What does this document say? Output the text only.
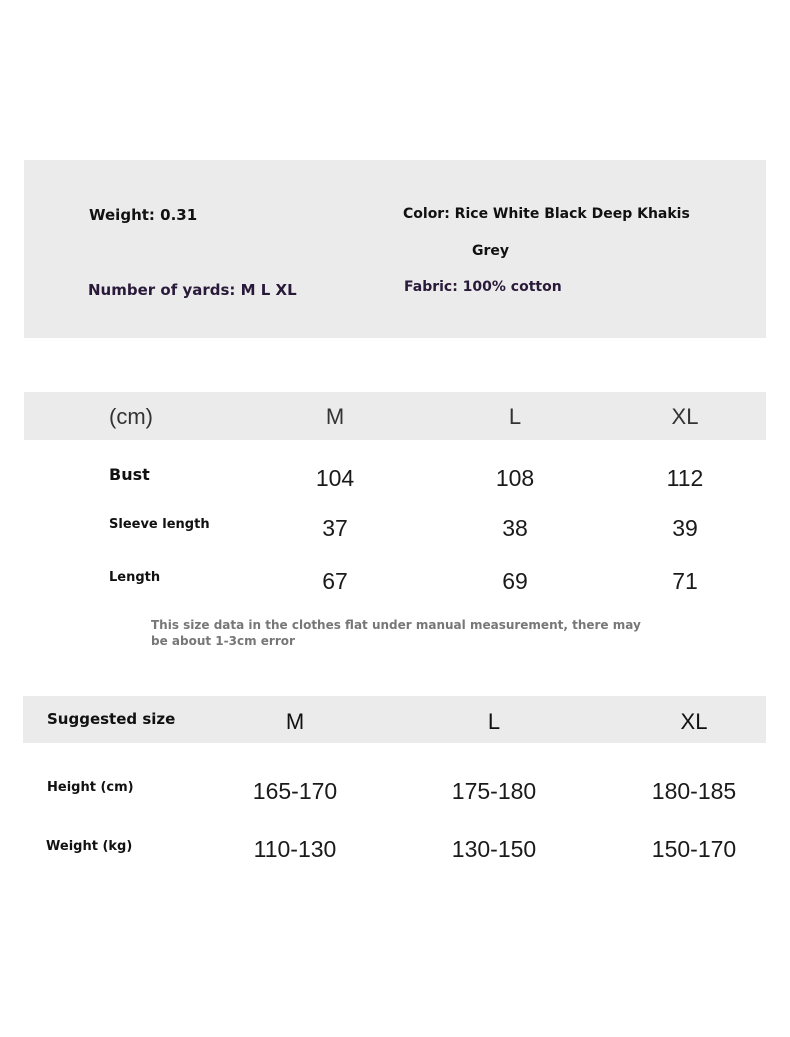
Weight: 0.31
Number of yards: M L XL
Color: Rice White Black Deep Khakis
Grey
Fabric: 100% cotton
(cm)	M	L	XL
Bust	104	108	112
Sleeve length	37	38	39
Length	67	69	71
This size data in the clothes flat under manual measurement, there may be about 1-3cm error
Suggested size	M	L	XL
Height (cm)	165-170	175-180	180-185
Weight (kg)	110-130	130-150	150-170
